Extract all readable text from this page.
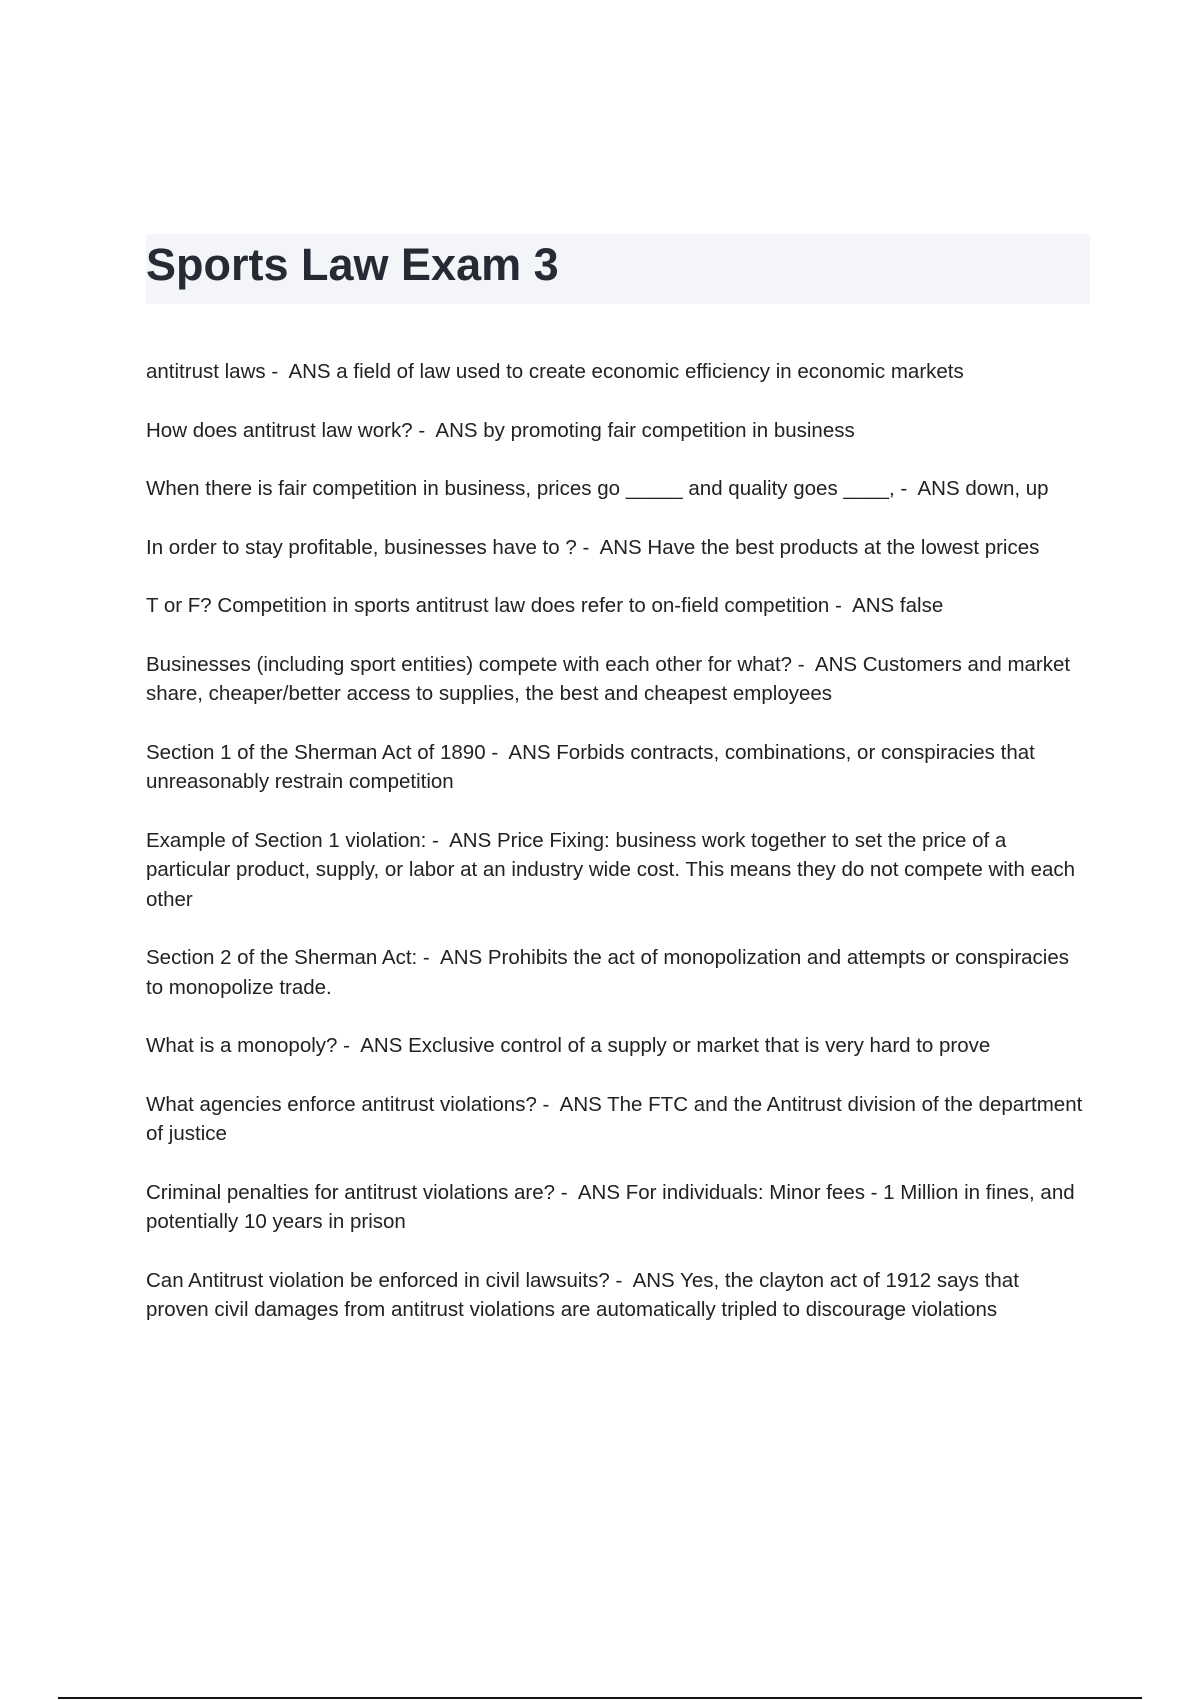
Sports Law Exam 3
antitrust laws -  ANS a field of law used to create economic efficiency in economic markets
How does antitrust law work? -  ANS by promoting fair competition in business
When there is fair competition in business, prices go _____ and quality goes ____, -  ANS down, up
In order to stay profitable, businesses have to ? -  ANS Have the best products at the lowest prices
T or F? Competition in sports antitrust law does refer to on-field competition -  ANS false
Businesses (including sport entities) compete with each other for what? -  ANS Customers and market share, cheaper/better access to supplies, the best and cheapest employees
Section 1 of the Sherman Act of 1890 -  ANS Forbids contracts, combinations, or conspiracies that unreasonably restrain competition
Example of Section 1 violation: -  ANS Price Fixing: business work together to set the price of a particular product, supply, or labor at an industry wide cost. This means they do not compete with each other
Section 2 of the Sherman Act: -  ANS Prohibits the act of monopolization and attempts or conspiracies to monopolize trade.
What is a monopoly? -  ANS Exclusive control of a supply or market that is very hard to prove
What agencies enforce antitrust violations? -  ANS The FTC and the Antitrust division of the department of justice
Criminal penalties for antitrust violations are? -  ANS For individuals: Minor fees - 1 Million in fines, and potentially 10 years in prison
Can Antitrust violation be enforced in civil lawsuits? -  ANS Yes, the clayton act of 1912 says that proven civil damages from antitrust violations are automatically tripled to discourage violations
